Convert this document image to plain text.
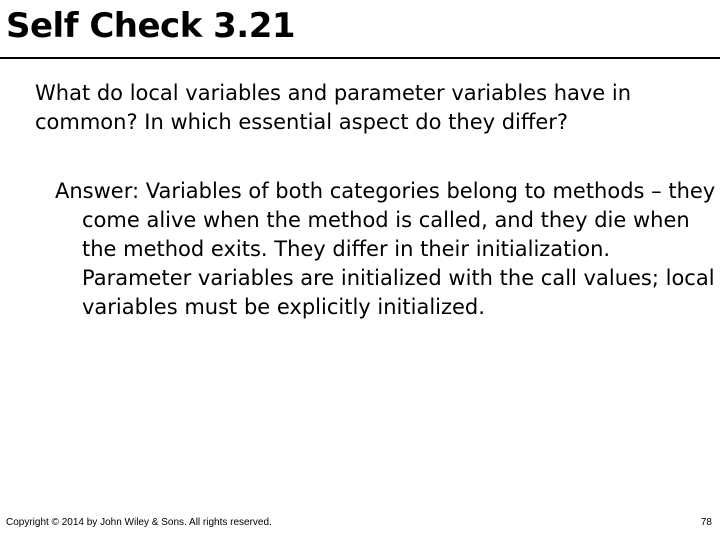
Self Check 3.21

What do local variables and parameter variables have in common? In which essential aspect do they differ?

Answer: Variables of both categories belong to methods – they come alive when the method is called, and they die when the method exits. They differ in their initialization. Parameter variables are initialized with the call values; local variables must be explicitly initialized.

Copyright © 2014 by John Wiley & Sons. All rights reserved.	78
